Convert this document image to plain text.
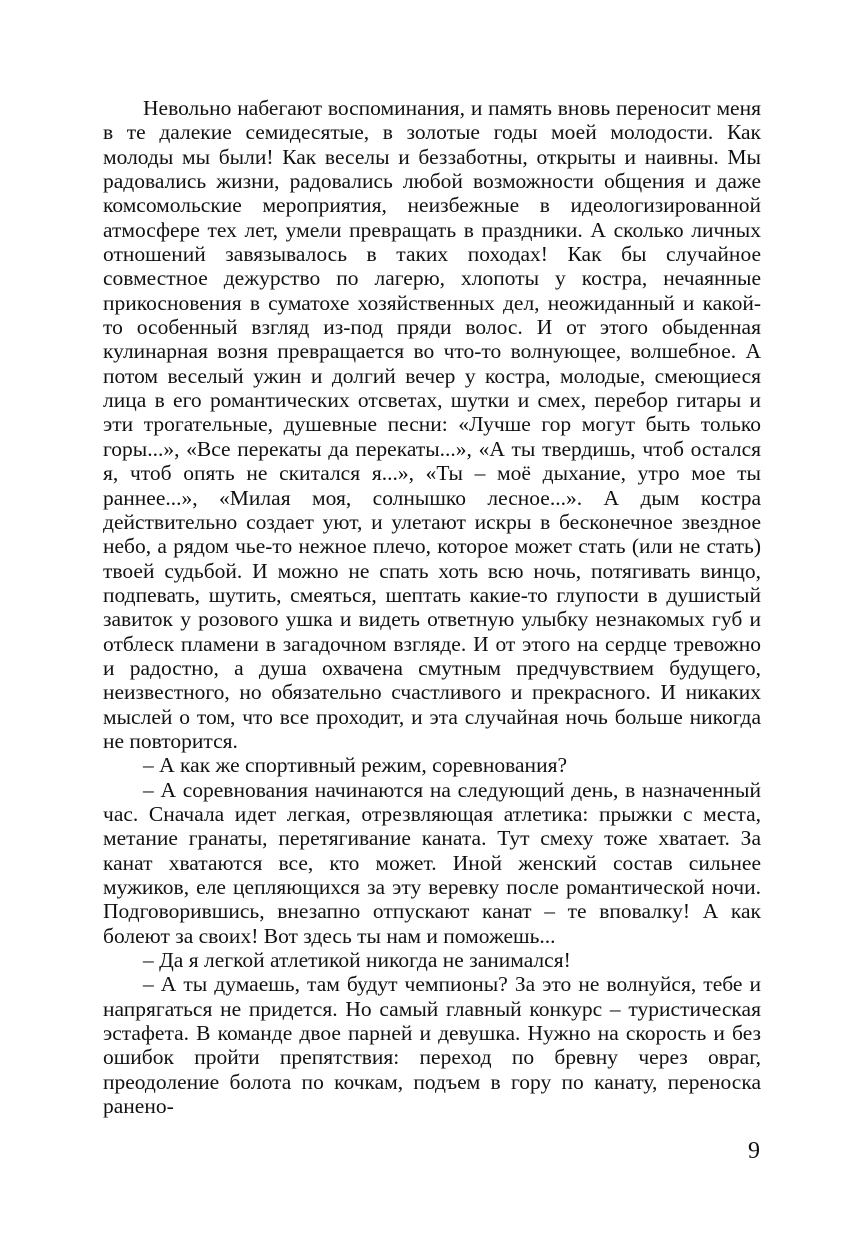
Невольно набегают воспоминания, и память вновь переносит меня в те далекие семидесятые, в золотые годы моей молодости. Как молоды мы были! Как веселы и беззаботны, открыты и наивны. Мы радовались жизни, радовались любой возможности общения и даже комсомольские мероприятия, неизбежные в идеологизированной атмосфере тех лет, умели превращать в праздники. А сколько личных отношений завязывалось в таких походах! Как бы случайное совместное дежурство по лагерю, хлопоты у костра, нечаянные прикосновения в суматохе хозяйственных дел, неожиданный и какой-то особенный взгляд из-под пряди волос. И от этого обыденная кулинарная возня превращается во что-то волнующее, волшебное. А потом веселый ужин и долгий вечер у костра, молодые, смеющиеся лица в его романтических отсветах, шутки и смех, перебор гитары и эти трогательные, душевные песни: «Лучше гор могут быть только горы...», «Все перекаты да перекаты...», «А ты твердишь, чтоб остался я, чтоб опять не скитался я...», «Ты – моё дыхание, утро мое ты раннее...», «Милая моя, солнышко лесное...». А дым костра действительно создает уют, и улетают искры в бесконечное звездное небо, а рядом чье-то нежное плечо, которое может стать (или не стать) твоей судьбой. И можно не спать хоть всю ночь, потягивать винцо, подпевать, шутить, смеяться, шептать какие-то глупости в душистый завиток у розового ушка и видеть ответную улыбку незнакомых губ и отблеск пламени в загадочном взгляде. И от этого на сердце тревожно и радостно, а душа охвачена смутным предчувствием будущего, неизвестного, но обязательно счастливого и прекрасного. И никаких мыслей о том, что все проходит, и эта случайная ночь больше никогда не повторится.

– А как же спортивный режим, соревнования?

– А соревнования начинаются на следующий день, в назначенный час. Сначала идет легкая, отрезвляющая атлетика: прыжки с места, метание гранаты, перетягивание каната. Тут смеху тоже хватает. За канат хватаются все, кто может. Иной женский состав сильнее мужиков, еле цепляющихся за эту веревку после романтической ночи. Подговорившись, внезапно отпускают канат – те вповалку! А как болеют за своих! Вот здесь ты нам и поможешь...

– Да я легкой атлетикой никогда не занимался!

– А ты думаешь, там будут чемпионы? За это не волнуйся, тебе и напрягаться не придется. Но самый главный конкурс – туристическая эстафета. В команде двое парней и девушка. Нужно на скорость и без ошибок пройти препятствия: переход по бревну через овраг, преодоление болота по кочкам, подъем в гору по канату, переноска ранено-

9
